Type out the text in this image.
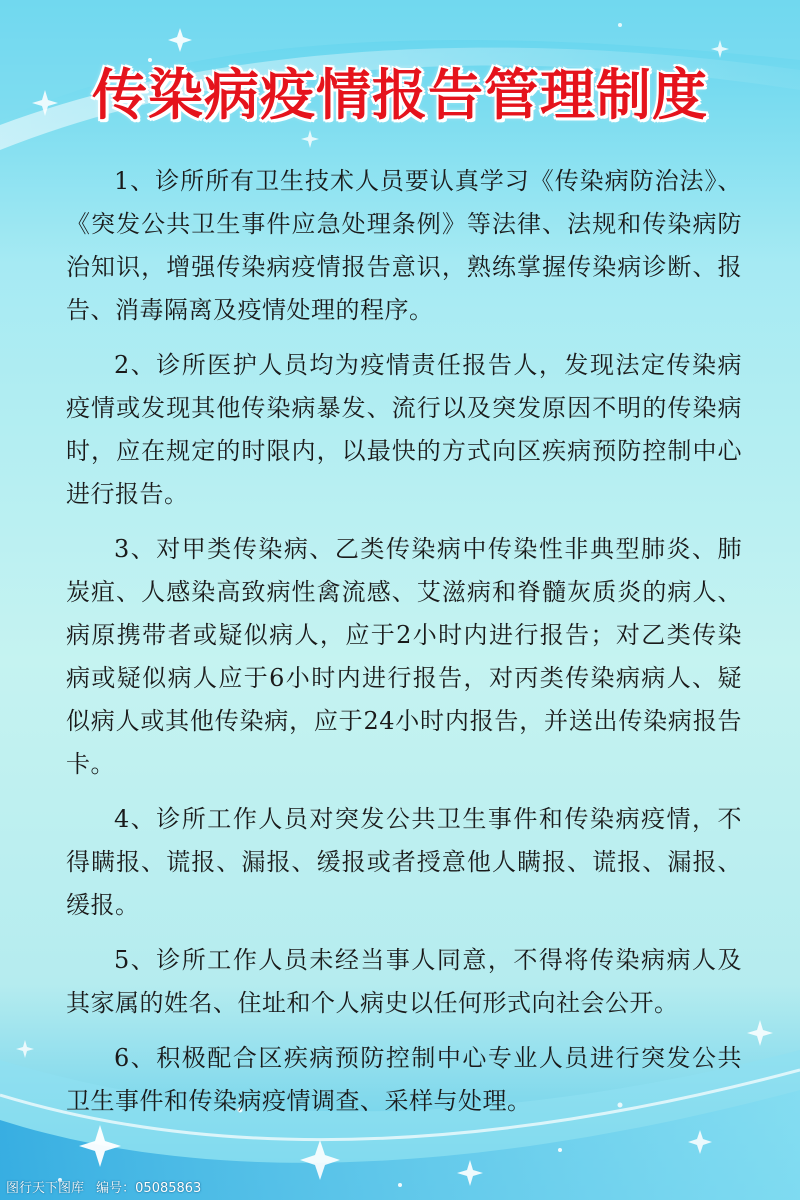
传染病疫情报告管理制度

1、诊所所有卫生技术人员要认真学习《传染病防治法》、《突发公共卫生事件应急处理条例》等法律、法规和传染病防治知识，增强传染病疫情报告意识，熟练掌握传染病诊断、报告、消毒隔离及疫情处理的程序。

2、诊所医护人员均为疫情责任报告人，发现法定传染病疫情或发现其他传染病暴发、流行以及突发原因不明的传染病时，应在规定的时限内，以最快的方式向区疾病预防控制中心进行报告。

3、对甲类传染病、乙类传染病中传染性非典型肺炎、肺炭疽、人感染高致病性禽流感、艾滋病和脊髓灰质炎的病人、病原携带者或疑似病人，应于2小时内进行报告；对乙类传染病或疑似病人应于6小时内进行报告，对丙类传染病病人、疑似病人或其他传染病，应于24小时内报告，并送出传染病报告卡。

4、诊所工作人员对突发公共卫生事件和传染病疫情，不得瞒报、谎报、漏报、缓报或者授意他人瞒报、谎报、漏报、缓报。

5、诊所工作人员未经当事人同意，不得将传染病病人及其家属的姓名、住址和个人病史以任何形式向社会公开。

6、积极配合区疾病预防控制中心专业人员进行突发公共卫生事件和传染病疫情调查、采样与处理。

图行天下图库 编号：05085863
